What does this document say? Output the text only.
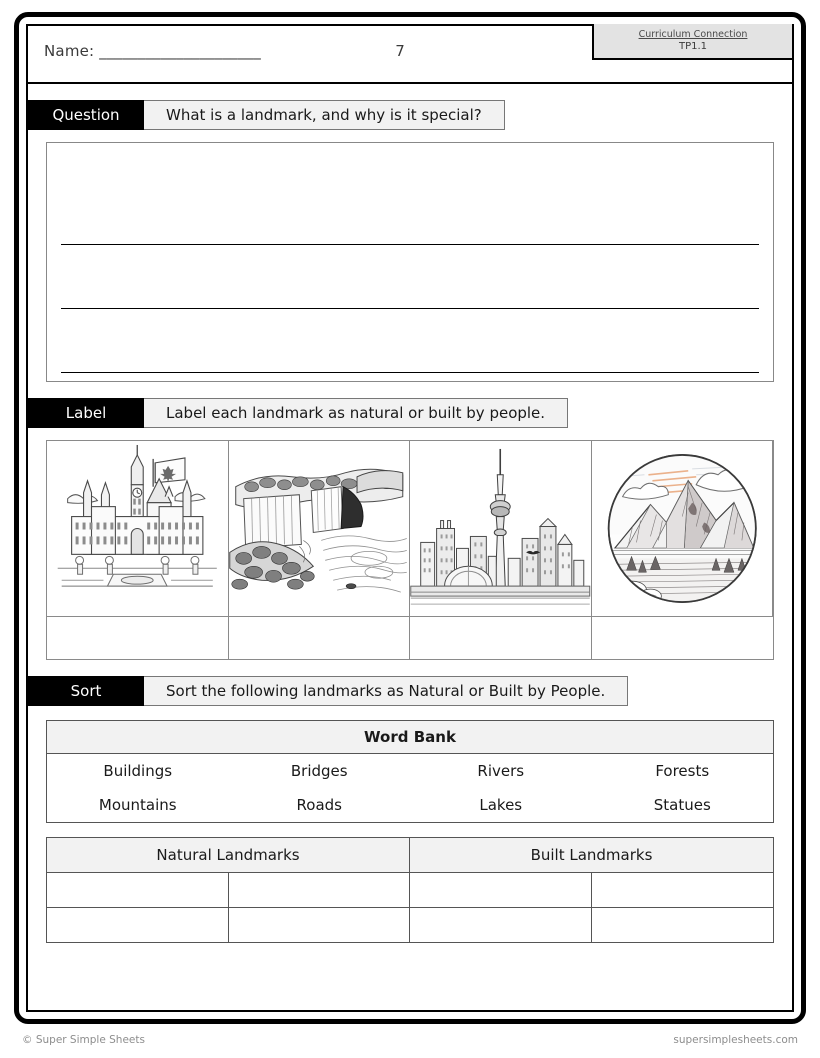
Name: _____________________	7
Curriculum Connection
TP1.1
Question	What is a landmark, and why is it special?
Label	Label each landmark as natural or built by people.
Sort	Sort the following landmarks as Natural or Built by People.
Word Bank
Buildings	Bridges	Rivers	Forests
Mountains	Roads	Lakes	Statues
Natural Landmarks	Built Landmarks
© Super Simple Sheets	supersimplesheets.com
